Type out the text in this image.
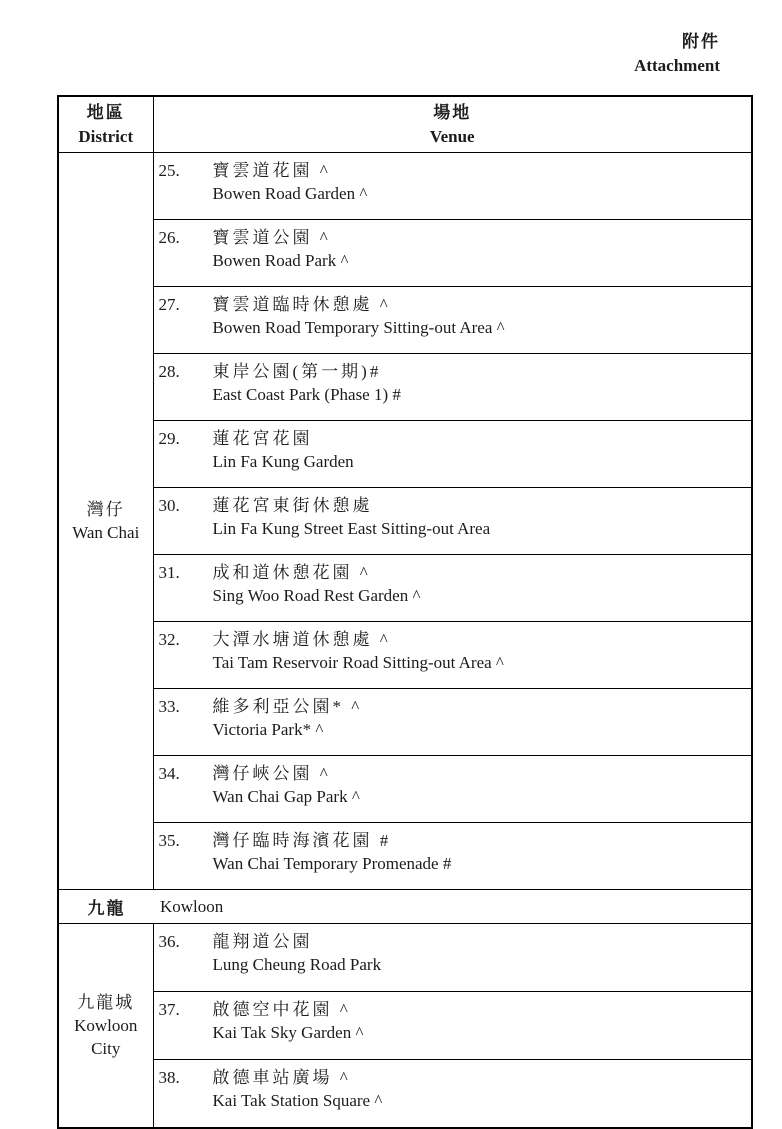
附件
Attachment
地區
District

場地
Venue

灣仔
Wan Chai

25. 寶雲道花園 ^
Bowen Road Garden ^

	26. 寶雲道公園 ^
Bowen Road Park ^

	27. 寶雲道臨時休憩處 ^
Bowen Road Temporary Sitting-out Area ^

	28. 東岸公園(第一期)#
East Coast Park (Phase 1) #

	29. 蓮花宮花園
Lin Fa Kung Garden

	30. 蓮花宮東街休憩處
Lin Fa Kung Street East Sitting-out Area

	31. 成和道休憩花園 ^
Sing Woo Road Rest Garden ^

	32. 大潭水塘道休憩處 ^
Tai Tam Reservoir Road Sitting-out Area ^

	33. 維多利亞公園* ^
Victoria Park* ^

	34. 灣仔峽公園 ^
Wan Chai Gap Park ^

	35. 灣仔臨時海濱花園 #
Wan Chai Temporary Promenade #

九龍 Kowloon	

九龍城
Kowloon
City

36. 龍翔道公園
Lung Cheung Road Park

	37. 啟德空中花園 ^
Kai Tak Sky Garden ^

	38. 啟德車站廣場 ^
Kai Tak Station Square ^
